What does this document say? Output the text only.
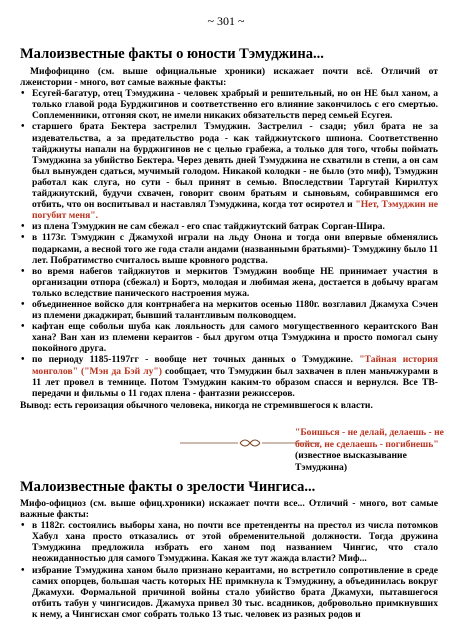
~ 301 ~
Малоизвестные факты о юности Тэмуджина...

Мифофицино (см. выше официальные хроники) искажает почти всё. Отличий от лжеистории - много, вот самые важные факты:

• Есугей-багатур, отец Тэмуджина - человек храбрый и решительный, но он НЕ был ханом, а только главой рода Бурджигинов и соответственно его влияние закончилось с его смертью. Соплеменники, отгоняя скот, не имели никаких обязательств перед семьей Есугея.
• старшего брата Бектера застрелил Тэмуджин. Застрелил - сзади; убил брата не за издевательства, а за предательство рода - как тайджиутского шпиона. Соответственно тайджиуты напали на бурджигинов не с целью грабежа, а только для того, чтобы поймать Тэмуджина за убийство Бектера. Через девять дней Тэмуджина не схватили в степи, а он сам был вынужден сдаться, мучимый голодом. Никакой колодки - не было (это миф), Тэмуджин работал как слуга, но сути - был принят в семью. Впоследствии Таргутай Кирилтух тайджиутский, будучи схвачен, говорит своим братьям и сыновьям, собиравшимся его отбить, что он воспитывал и наставлял Тэмуджина, когда тот осиротел и "Нет, Тэмуджин не погубит меня".
• из плена Тэмуджин не сам сбежал - его спас тайджиутский батрак Сорган-Шира.
• в 1173г. Тэмуджин с Джамухой играли на льду Онона и тогда они впервые обменялись подарками, а весной того же года стали андами (названными братьями)- Тэмуджину было 11 лет. Побратимство считалось выше кровного родства.
• во время набегов тайджиутов и меркитов Тэмуджин вообще НЕ принимает участия в организации отпора (сбежал) и Бортэ, молодая и любимая жена, достается в добычу врагам только вследствие панического настроения мужа.
• объединенное войско для контрнабега на меркитов осенью 1180г. возглавил Джамуха Сэчен из племени джаджират, бывший талантливым полководцем.
• кафтан еще собольи шуба как лояльность для самого могущественного кераитского Ван хана? Ван хан из племени кераитов - был другом отца Тэмуджина и просто помогал сыну покойного друга.
• по периоду 1185-1197гг - вообще нет точных данных о Тэмуджине. "Тайная история монголов" ("Мэн да Бэй лу") сообщает, что Тэмуджин был захвачен в плен маньчжурами в 11 лет провел в темнице. Потом Тэмуджин каким-то образом спасся и вернулся. Все ТВ-передачи и фильмы о 11 годах плена - фантазии режиссеров.

Вывод: есть героизация обычного человека, никогда не стремившегося к власти.

"Боишься - не делай, делаешь - не бойся, не сделаешь - погибнешь" (известное высказывание Тэмуджина)
Малоизвестные факты о зрелости Чингиса...

Мифо-официоз (см. выше офиц.хроники) искажает почти все... Отличий - много, вот самые важные факты:

• в 1182г. состоялись выборы хана, но почти все претенденты на престол из числа потомков Хабул хана просто отказались от этой обременительной должности. Тогда дружина Тэмуджина предложила избрать его ханом под названием Чингис, что стало неожиданностью для самого Тэмуджина. Какая же тут жажда власти? Миф...
• избрание Тэмуджина ханом было признано кераитами, но встретило сопротивление в среде самих опорцев, большая часть которых НЕ примкнула к Тэмуджину, а объединилась вокруг Джамухи. Формальной причиной войны стало убийство брата Джамухи, пытавшегося отбить табун у чингисидов. Джамуха привел 30 тыс. всадников, добровольно примкнувших к нему, а Чингисхан смог собрать только 13 тыс. человек из разных родов и
